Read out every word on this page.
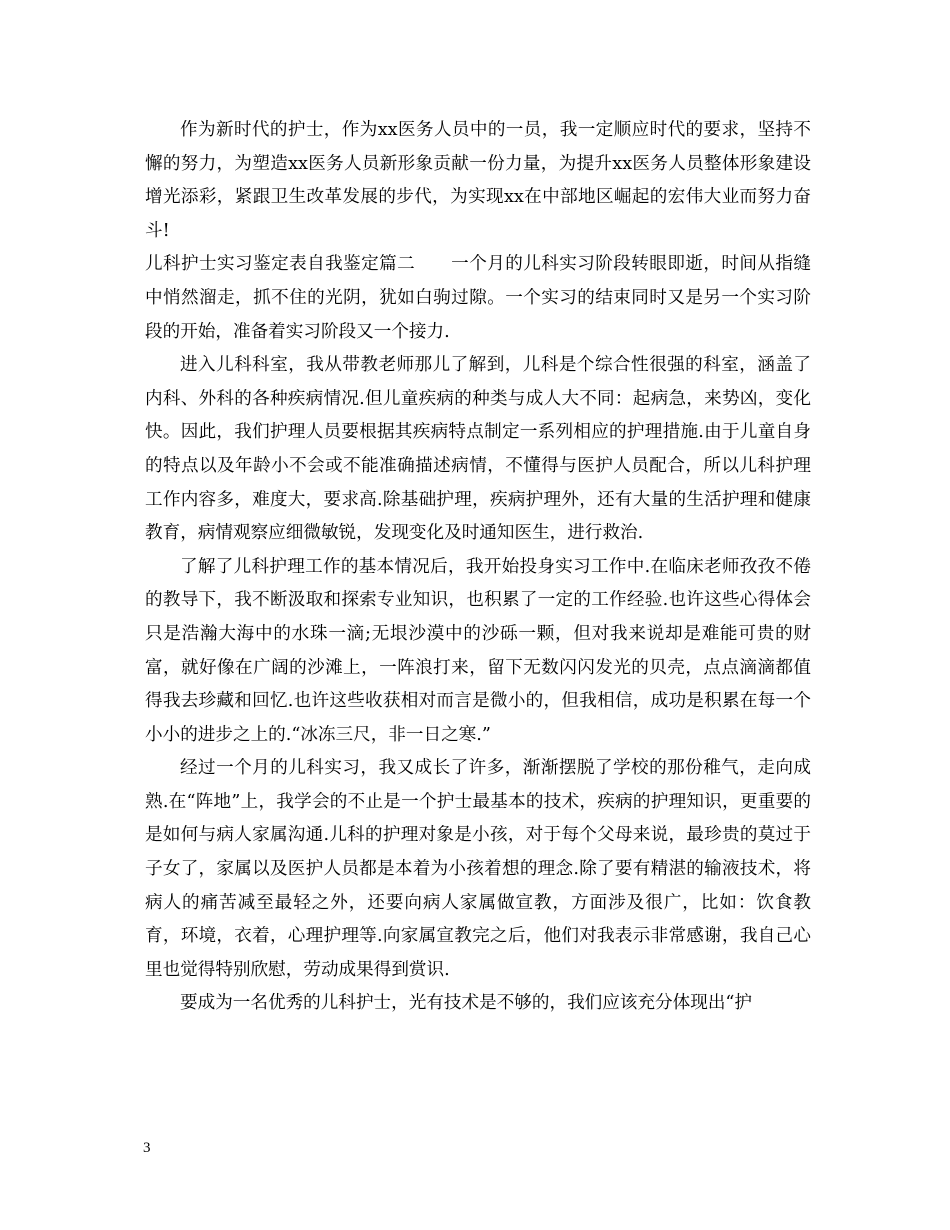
作为新时代的护士，作为xx医务人员中的一员，我一定顺应时代的要求，坚持不懈的努力，为塑造xx医务人员新形象贡献一份力量，为提升xx医务人员整体形象建设增光添彩，紧跟卫生改革发展的步代，为实现xx在中部地区崛起的宏伟大业而努力奋斗!

儿科护士实习鉴定表自我鉴定篇二　　一个月的儿科实习阶段转眼即逝，时间从指缝中悄然溜走，抓不住的光阴，犹如白驹过隙。一个实习的结束同时又是另一个实习阶段的开始，准备着实习阶段又一个接力.

进入儿科科室，我从带教老师那儿了解到，儿科是个综合性很强的科室，涵盖了内科、外科的各种疾病情况.但儿童疾病的种类与成人大不同：起病急，来势凶，变化快。因此，我们护理人员要根据其疾病特点制定一系列相应的护理措施.由于儿童自身的特点以及年龄小不会或不能准确描述病情，不懂得与医护人员配合，所以儿科护理工作内容多，难度大，要求高.除基础护理，疾病护理外，还有大量的生活护理和健康教育，病情观察应细微敏锐，发现变化及时通知医生，进行救治.

了解了儿科护理工作的基本情况后，我开始投身实习工作中.在临床老师孜孜不倦的教导下，我不断汲取和探索专业知识，也积累了一定的工作经验.也许这些心得体会只是浩瀚大海中的水珠一滴;无垠沙漠中的沙砾一颗，但对我来说却是难能可贵的财富，就好像在广阔的沙滩上，一阵浪打来，留下无数闪闪发光的贝壳，点点滴滴都值得我去珍藏和回忆.也许这些收获相对而言是微小的，但我相信，成功是积累在每一个小小的进步之上的.“冰冻三尺，非一日之寒.”

经过一个月的儿科实习，我又成长了许多，渐渐摆脱了学校的那份稚气，走向成熟.在“阵地”上，我学会的不止是一个护士最基本的技术，疾病的护理知识，更重要的是如何与病人家属沟通.儿科的护理对象是小孩，对于每个父母来说，最珍贵的莫过于子女了，家属以及医护人员都是本着为小孩着想的理念.除了要有精湛的输液技术，将病人的痛苦减至最轻之外，还要向病人家属做宣教，方面涉及很广，比如：饮食教育，环境，衣着，心理护理等.向家属宣教完之后，他们对我表示非常感谢，我自己心里也觉得特别欣慰，劳动成果得到赏识.

要成为一名优秀的儿科护士，光有技术是不够的，我们应该充分体现出“护

3
